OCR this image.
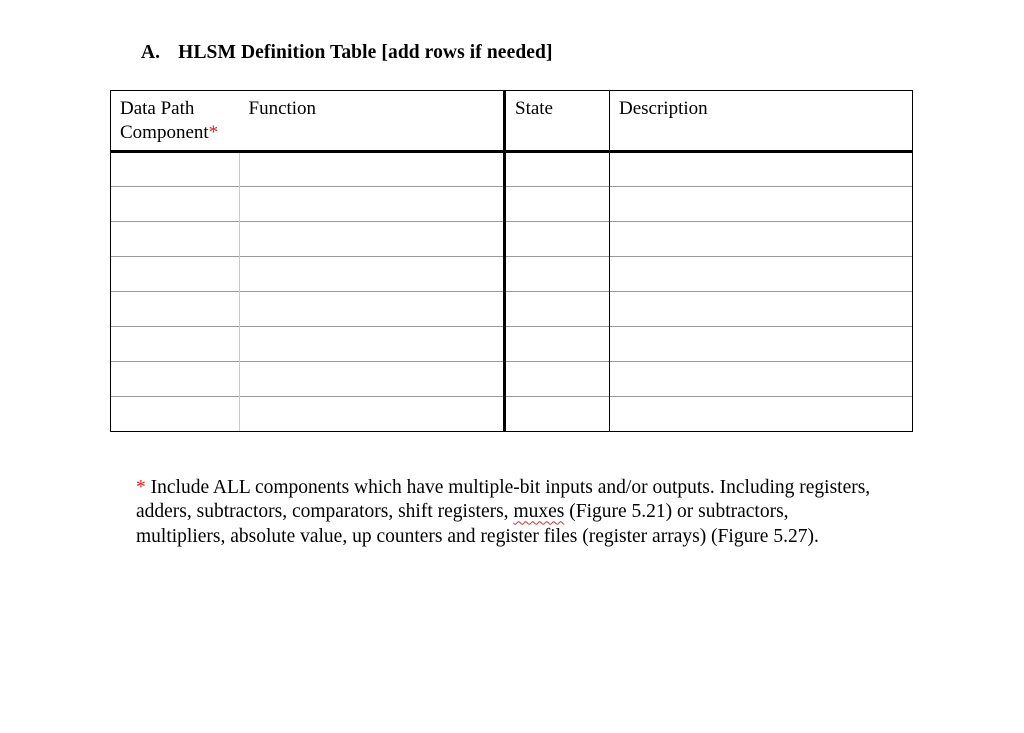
A. HLSM Definition Table [add rows if needed]
Data Path
Component*	Function	State	Description

* Include ALL components which have multiple-bit inputs and/or outputs. Including registers, adders, subtractors, comparators, shift registers, muxes (Figure 5.21) or subtractors, multipliers, absolute value, up counters and register files (register arrays) (Figure 5.27).
